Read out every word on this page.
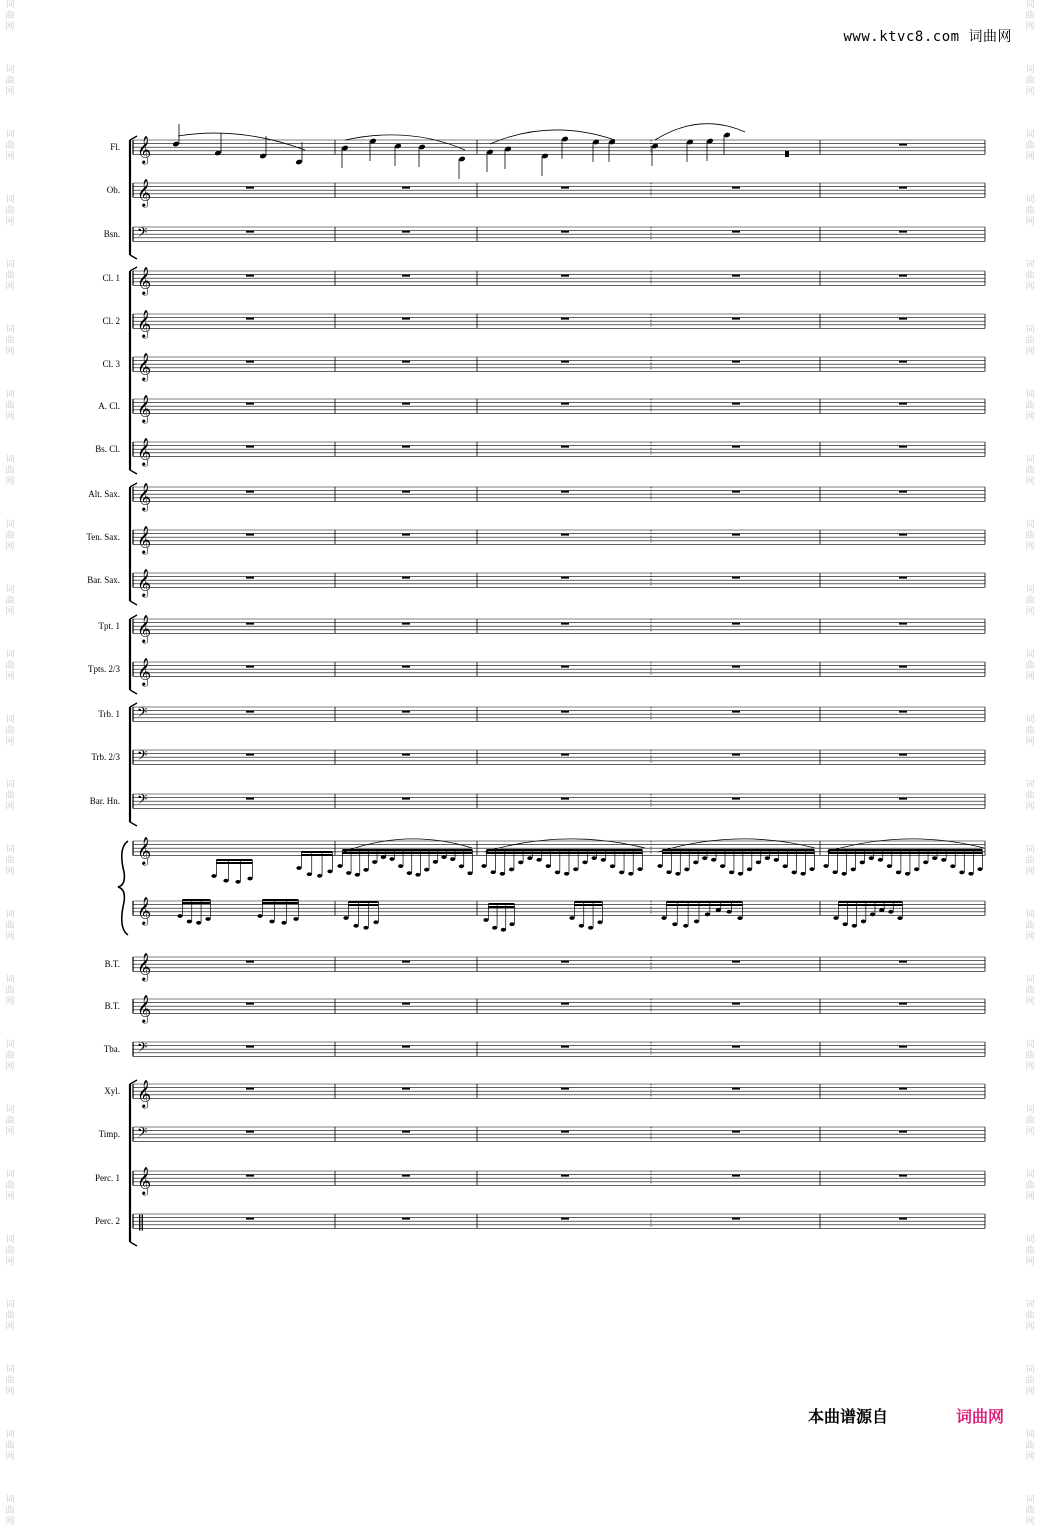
词
曲
网
词
曲
网
词
曲
网
词
曲
网
词
曲
网
词
曲
网
词
曲
网
词
曲
网
词
曲
网
词
曲
网
词
曲
网
词
曲
网
词
曲
网
词
曲
网
词
曲
网
词
曲
网
词
曲
网
词
曲
网
词
曲
网
词
曲
网
词
曲
网
词
曲
网
词
曲
网
词
曲
网
词
曲
网
词
曲
网
词
曲
网
词
曲
网
词
曲
网
词
曲
网
词
曲
网
词
曲
网
词
曲
网
词
曲
网
词
曲
网
词
曲
网
词
曲
网
词
曲
网
词
曲
网
词
曲
网
词
曲
网
词
曲
网
词
曲
网
词
曲
网
词
曲
网
词
曲
网
词
曲
网
词
曲
网
www.ktvc8.com 词曲网
𝄞
Fl.
𝄞
Ob.
𝄢
Bsn.
𝄞
Cl. 1
𝄞
Cl. 2
𝄞
Cl. 3
𝄞
A. Cl.
𝄞
Bs. Cl.
𝄞
Alt. Sax.
𝄞
Ten. Sax.
𝄞
Bar. Sax.
𝄞
Tpt. 1
𝄞
Tpts. 2/3
𝄢
Trb. 1
𝄢
Trb. 2/3
𝄢
Bar. Hn.
𝄞
𝄞
𝄞
B.T.
𝄞
B.T.
𝄢
Tba.
𝄞
Xyl.
𝄢
Timp.
𝄞
Perc. 1
‖
Perc. 2
本曲谱源自	词曲网
